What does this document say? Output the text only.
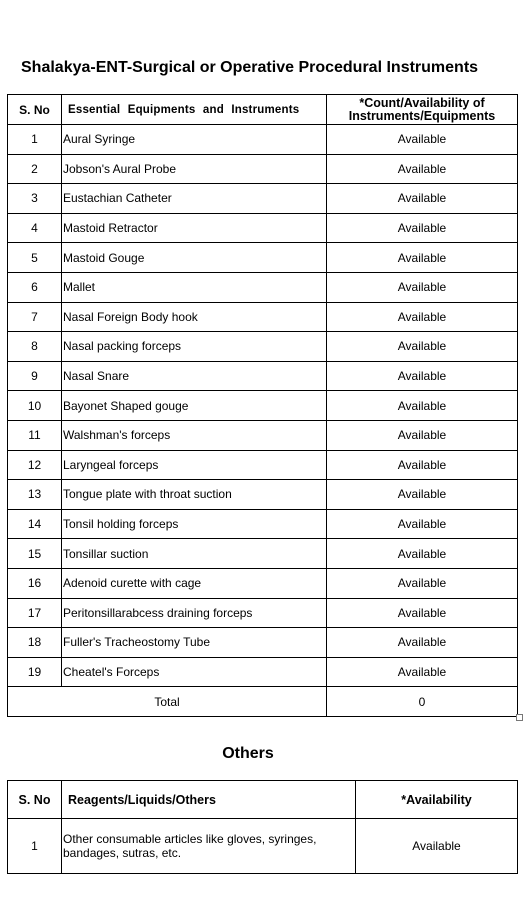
Shalakya-ENT-Surgical or Operative Procedural Instruments
S. No	Essential Equipments and Instruments	*Count/Availability of Instruments/Equipments
1	Aural Syringe	Available
2	Jobson's Aural Probe	Available
3	Eustachian Catheter	Available
4	Mastoid Retractor	Available
5	Mastoid Gouge	Available
6	Mallet	Available
7	Nasal Foreign Body hook	Available
8	Nasal packing forceps	Available
9	Nasal Snare	Available
10	Bayonet Shaped gouge	Available
11	Walshman's forceps	Available
12	Laryngeal forceps	Available
13	Tongue plate with throat suction	Available
14	Tonsil holding forceps	Available
15	Tonsillar suction	Available
16	Adenoid curette with cage	Available
17	Peritonsillarabcess draining forceps	Available
18	Fuller's Tracheostomy Tube	Available
19	Cheatel's Forceps	Available
Total		0
Others
S. No	Reagents/Liquids/Others	*Availability
1	Other consumable articles like gloves, syringes, bandages, sutras, etc.	Available
